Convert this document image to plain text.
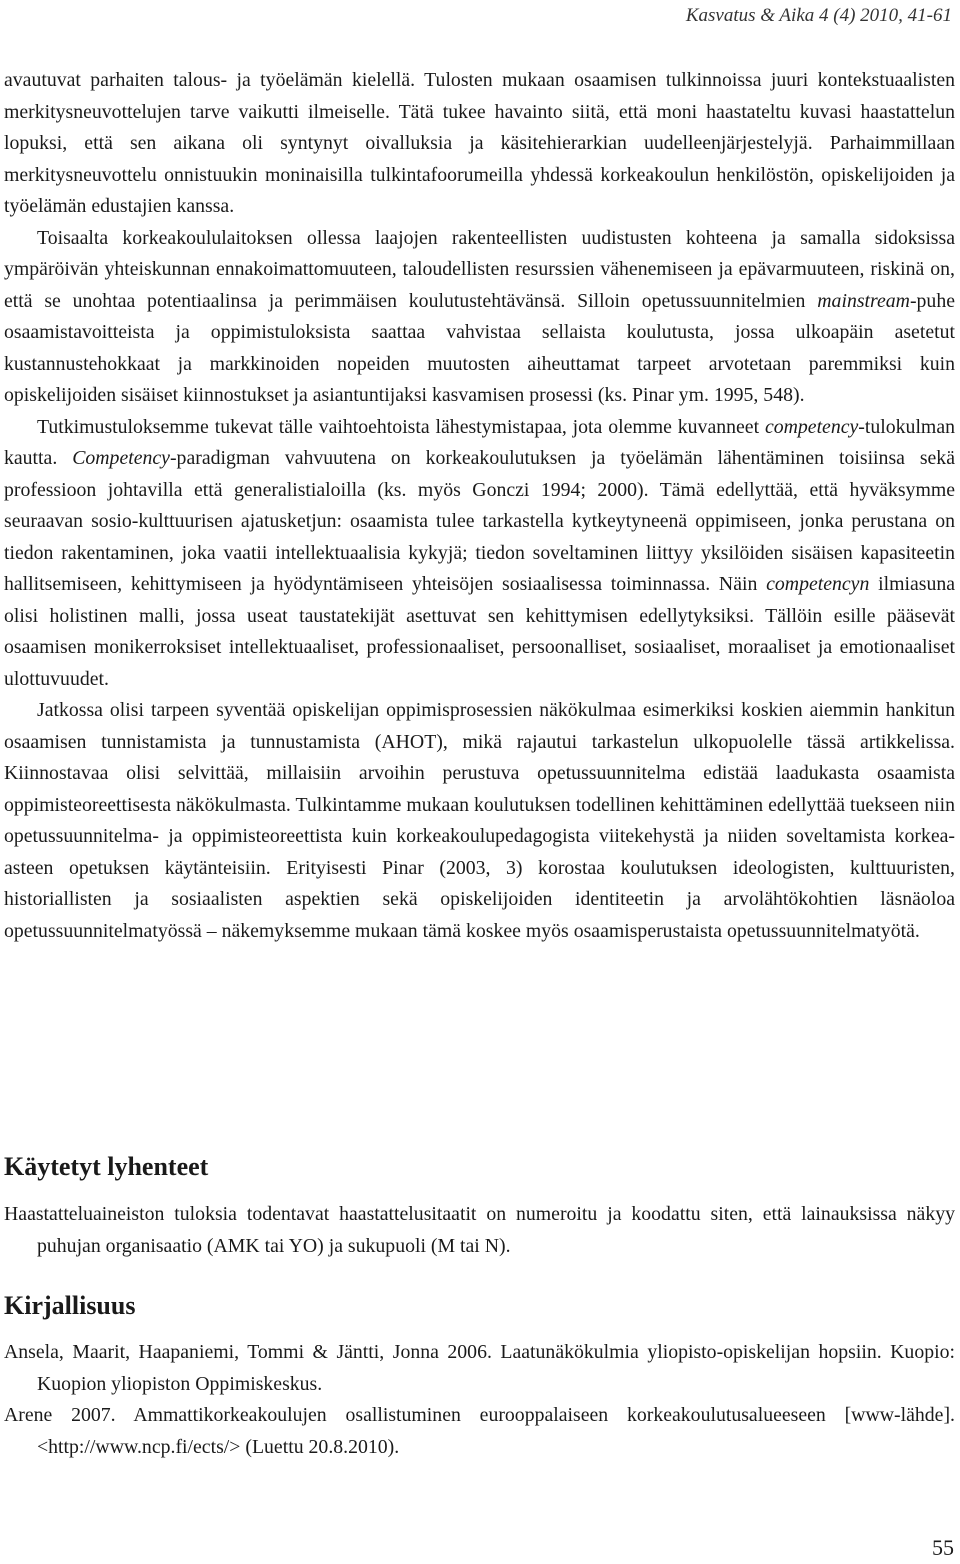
Kasvatus & Aika 4 (4) 2010, 41-61

avautuvat parhaiten talous- ja työelämän kielellä. Tulosten mukaan osaamisen tulkinnoissa juuri kontekstuaalisten merkitysneuvottelujen tarve vaikutti ilmeiselle. Tätä tukee havainto siitä, että moni haastateltu kuvasi haastattelun lopuksi, että sen aikana oli syntynyt oivalluksia ja käsitehierarkian uudelleenjärjestelyjä. Parhaimmillaan merkitysneuvottelu onnistuukin moninaisilla tulkintafoorumeilla yhdessä korkeakoulun henkilöstön, opiskelijoiden ja työelämän edustajien kanssa.

Toisaalta korkeakoululaitoksen ollessa laajojen rakenteellisten uudistusten kohteena ja samalla sidoksissa ympäröivän yhteiskunnan ennakoimattomuuteen, taloudellisten resurssien vähenemiseen ja epävarmuuteen, riskinä on, että se unohtaa potentiaalinsa ja perimmäisen koulutustehtävänsä. Silloin opetussuunnitelmien mainstream-puhe osaamistavoitteista ja oppimistuloksista saattaa vahvistaa sellaista koulutusta, jossa ulkoapäin asetetut kustannustehokkaat ja markkinoiden nopeiden muutosten aiheuttamat tarpeet arvotetaan paremmiksi kuin opiskelijoiden sisäiset kiinnostukset ja asiantuntijaksi kasvamisen prosessi (ks. Pinar ym. 1995, 548).

Tutkimustuloksemme tukevat tälle vaihtoehtoista lähestymistapaa, jota olemme kuvanneet competency-tulokulman kautta. Competency-paradigman vahvuutena on korkeakoulutuksen ja työelämän lähentäminen toisiinsa sekä professioon johtavilla että generalistialoilla (ks. myös Gonczi 1994; 2000). Tämä edellyttää, että hyväksymme seuraavan sosio-kulttuurisen ajatusketjun: osaamista tulee tarkastella kytkeytyneenä oppimiseen, jonka perustana on tiedon rakentaminen, joka vaatii intellektuaalisia kykyjä; tiedon soveltaminen liittyy yksilöiden sisäisen kapasiteetin hallitsemiseen, kehittymiseen ja hyödyntämiseen yhteisöjen sosiaalisessa toiminnassa. Näin competencyn ilmiasuna olisi holistinen malli, jossa useat taustatekijät asettuvat sen kehittymisen edellytyksiksi. Tällöin esille pääsevät osaamisen monikerroksiset intellektuaaliset, professionaaliset, persoonalliset, sosiaaliset, moraaliset ja emotionaaliset ulottuvuudet.

Jatkossa olisi tarpeen syventää opiskelijan oppimisprosessien näkökulmaa esimerkiksi koskien aiemmin hankitun osaamisen tunnistamista ja tunnustamista (AHOT), mikä rajautui tarkastelun ulkopuolelle tässä artikkelissa. Kiinnostavaa olisi selvittää, millaisiin arvoihin perustuva opetussuunnitelma edistää laadukasta osaamista oppimisteoreettisesta näkökulmasta. Tulkintamme mukaan koulutuksen todellinen kehittäminen edellyttää tuekseen niin opetussuunnitelma- ja oppimisteoreettista kuin korkeakoulupedagogista viitekehystä ja niiden soveltamista korkea-asteen opetuksen käytänteisiin. Erityisesti Pinar (2003, 3) korostaa koulutuksen ideologisten, kulttuuristen, historiallisten ja sosiaalisten aspektien sekä opiskelijoiden identiteetin ja arvolähtökohtien läsnäoloa opetussuunnitelmatyössä – näkemyksemme mukaan tämä koskee myös osaamisperustaista opetussuunnitelmatyötä.

Käytetyt lyhenteet

Haastatteluaineiston tuloksia todentavat haastattelusitaatit on numeroitu ja koodattu siten, että lainauksissa näkyy puhujan organisaatio (AMK tai YO) ja sukupuoli (M tai N).

Kirjallisuus

Ansela, Maarit, Haapaniemi, Tommi & Jäntti, Jonna 2006. Laatunäkökulmia yliopisto-opiskelijan hopsiin. Kuopio: Kuopion yliopiston Oppimiskeskus.

Arene 2007. Ammattikorkeakoulujen osallistuminen eurooppalaiseen korkeakoulutusalueeseen [www-lähde]. <http://www.ncp.fi/ects/> (Luettu 20.8.2010).

55
